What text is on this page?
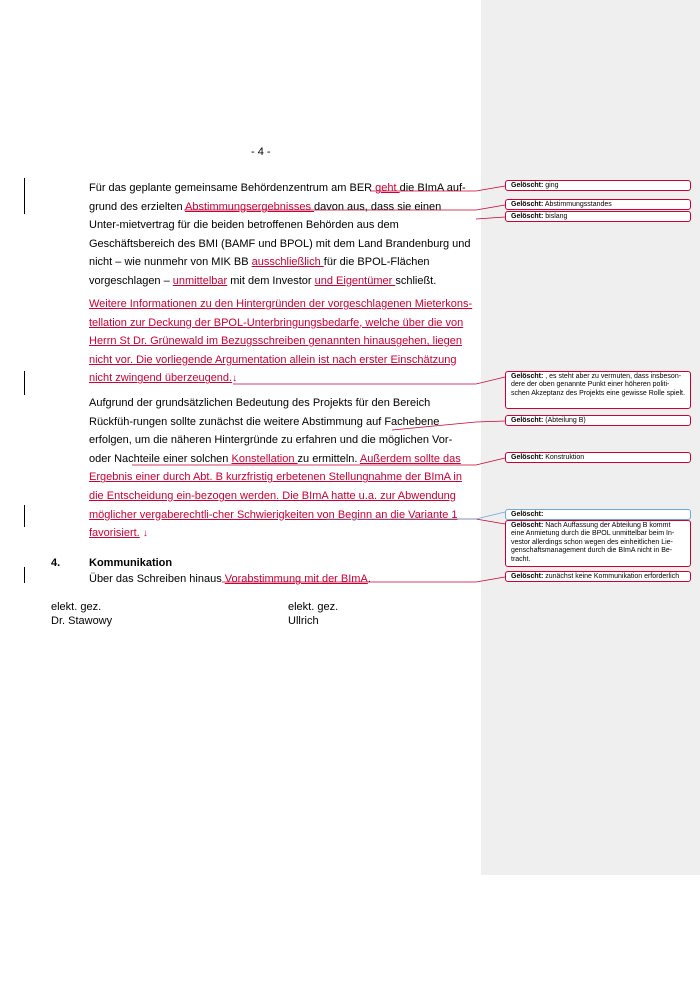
- 4 -
Für das geplante gemeinsame Behördenzentrum am BER geht die BImA auf-grund des erzielten Abstimmungsergebnisses davon aus, dass sie einen Unter-mietvertrag für die beiden betroffenen Behörden aus dem Geschäftsbereich des BMI (BAMF und BPOL) mit dem Land Brandenburg und nicht – wie nunmehr von MIK BB ausschließlich für die BPOL-Flächen vorgeschlagen – unmittelbar mit dem Investor und Eigentümer schließt.
Weitere Informationen zu den Hintergründen der vorgeschlagenen Mieterkons-tellation zur Deckung der BPOL-Unterbringungsbedarfe, welche über die von Herrn St Dr. Grünewald im Bezugsschreiben genannten hinausgehen, liegen nicht vor. Die vorliegende Argumentation allein ist nach erster Einschätzung nicht zwingend überzeugend.↓
Aufgrund der grundsätzlichen Bedeutung des Projekts für den Bereich Rückfüh-rungen sollte zunächst die weitere Abstimmung auf Fachebene erfolgen, um die näheren Hintergründe zu erfahren und die möglichen Vor- oder Nachteile einer solchen Konstellation zu ermitteln. Außerdem sollte das Ergebnis einer durch Abt. B kurzfristig erbetenen Stellungnahme der BImA in die Entscheidung ein-bezogen werden. Die BImA hatte u.a. zur Abwendung möglicher vergaberechtli-cher Schwierigkeiten von Beginn an die Variante 1 favorisiert. ↓
4.	Kommunikation
Über das Schreiben hinaus Vorabstimmung mit der BImA.
elekt. gez.
Dr. Stawowy
elekt. gez.
Ullrich
Gelöscht: ging
Gelöscht: Abstimmungsstandes
Gelöscht: bislang
Gelöscht: , es steht aber zu vermuten, dass insbeson-dere der oben genannte Punkt einer höheren politi-schen Akzeptanz des Projekts eine gewisse Rolle spielt.
Gelöscht: (Abteilung B)
Gelöscht: Konstruktion
Gelöscht:
Gelöscht: Nach Auffassung der Abteilung B kommt eine Anmietung durch die BPOL unmittelbar beim In-vestor allerdings schon wegen des einheitlichen Lie-genschaftsmanagement durch die BImA nicht in Be-tracht.
Gelöscht: zunächst keine Kommunikation erforderlich
